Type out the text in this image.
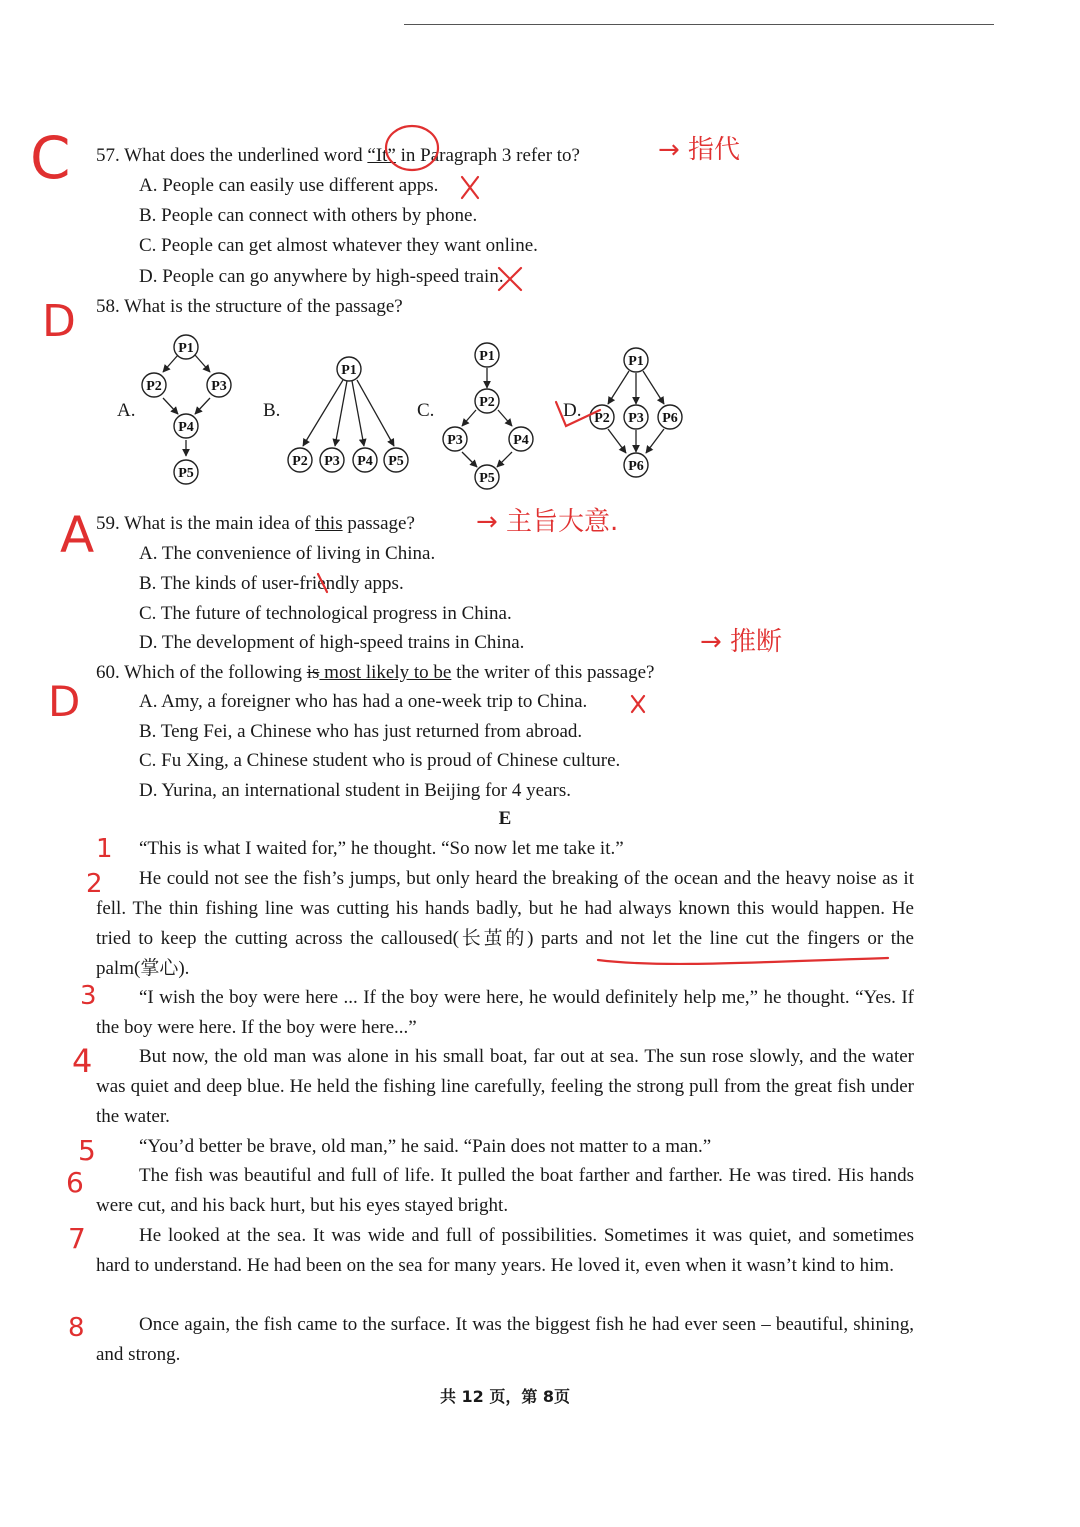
57. What does the underlined word “It” in Paragraph 3 refer to?
A. People can easily use different apps.
B. People can connect with others by phone.
C. People can get almost whatever they want online.
D. People can go anywhere by high-speed train.
58. What is the structure of the passage?
A.	B.	C.	D.
P1
P2	P3
P4
P5
P1
P2 P3 P4 P5
P1
P2
P3	P4
P5
P1
P2 P3 P6
P6
59. What is the main idea of this passage?
A. The convenience of living in China.
B. The kinds of user-friendly apps.
C. The future of technological progress in China.
D. The development of high-speed trains in China.
60. Which of the following is most likely to be the writer of this passage?
A. Amy, a foreigner who has had a one-week trip to China.
B. Teng Fei, a Chinese who has just returned from abroad.
C. Fu Xing, a Chinese student who is proud of Chinese culture.
D. Yurina, an international student in Beijing for 4 years.
E
“This is what I waited for,” he thought. “So now let me take it.”
He could not see the fish’s jumps, but only heard the breaking of the ocean and the heavy noise as it fell. The thin fishing line was cutting his hands badly, but he had always known this would happen. He tried to keep the cutting across the calloused(长茧的) parts and not let the line cut the fingers or the palm(掌心).
“I wish the boy were here ... If the boy were here, he would definitely help me,” he thought. “Yes. If the boy were here. If the boy were here...”
But now, the old man was alone in his small boat, far out at sea. The sun rose slowly, and the water was quiet and deep blue. He held the fishing line carefully, feeling the strong pull from the great fish under the water.
“You’d better be brave, old man,” he said. “Pain does not matter to a man.”
The fish was beautiful and full of life. It pulled the boat farther and farther. He was tired. His hands were cut, and his back hurt, but his eyes stayed bright.
He looked at the sea. It was wide and full of possibilities. Sometimes it was quiet, and sometimes hard to understand. He had been on the sea for many years. He loved it, even when it wasn’t kind to him.
Once again, the fish came to the surface. It was the biggest fish he had ever seen – beautiful, shining, and strong.
共 12 页，第 8页
C
D
A
D
→ 指代
→ 主旨大意.
→ 推断
1
2
3
4
5
6
7
8
